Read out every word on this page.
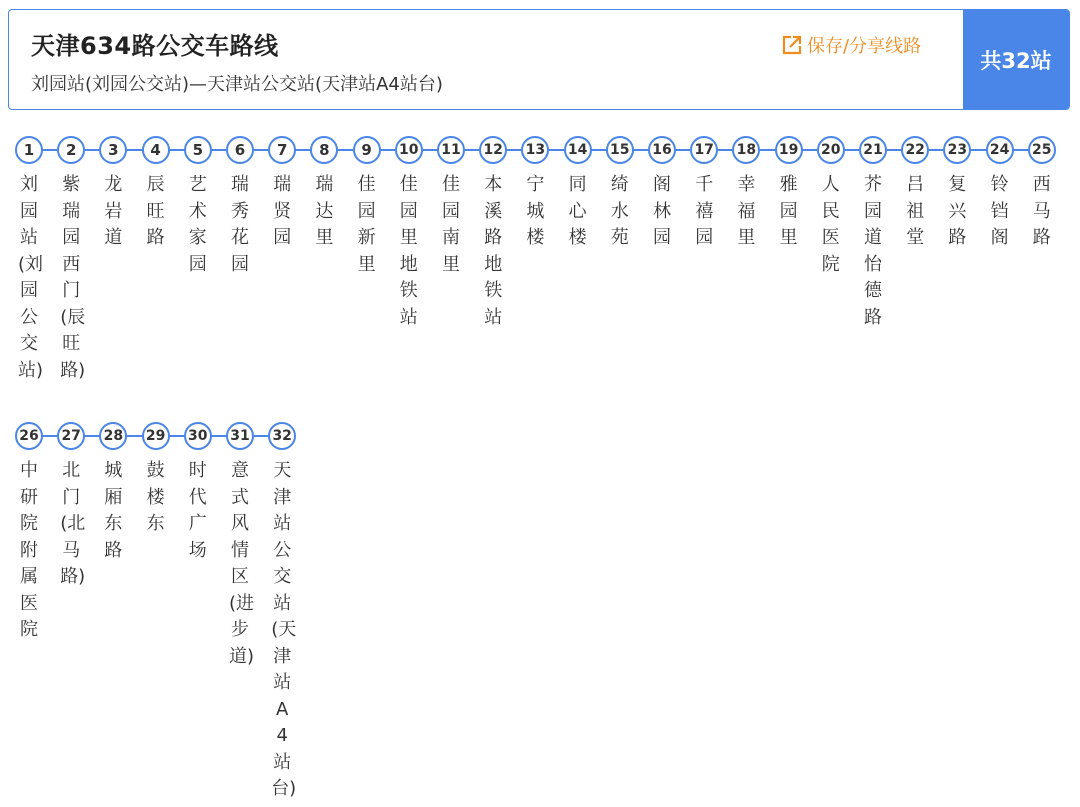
天津634路公交车路线
刘园站(刘园公交站)—天津站公交站(天津站A4站台)
保存/分享线路
共32站
1
刘园站(刘园公交站)
2
紫瑞园西门(辰旺路)
3
龙岩道
4
辰旺路
5
艺术家园
6
瑞秀花园
7
瑞贤园
8
瑞达里
9
佳园新里
10
佳园里地铁站
11
佳园南里
12
本溪路地铁站
13
宁城楼
14
同心楼
15
绮水苑
16
阁林园
17
千禧园
18
幸福里
19
雅园里
20
人民医院
21
芥园道怡德路
22
吕祖堂
23
复兴路
24
铃铛阁
25
西马路
26
中研院附属医院
27
北门(北马路)
28
城厢东路
29
鼓楼东
30
时代广场
31
意式风情区(进步道)
32
天津站公交站(天津站A4站台)
